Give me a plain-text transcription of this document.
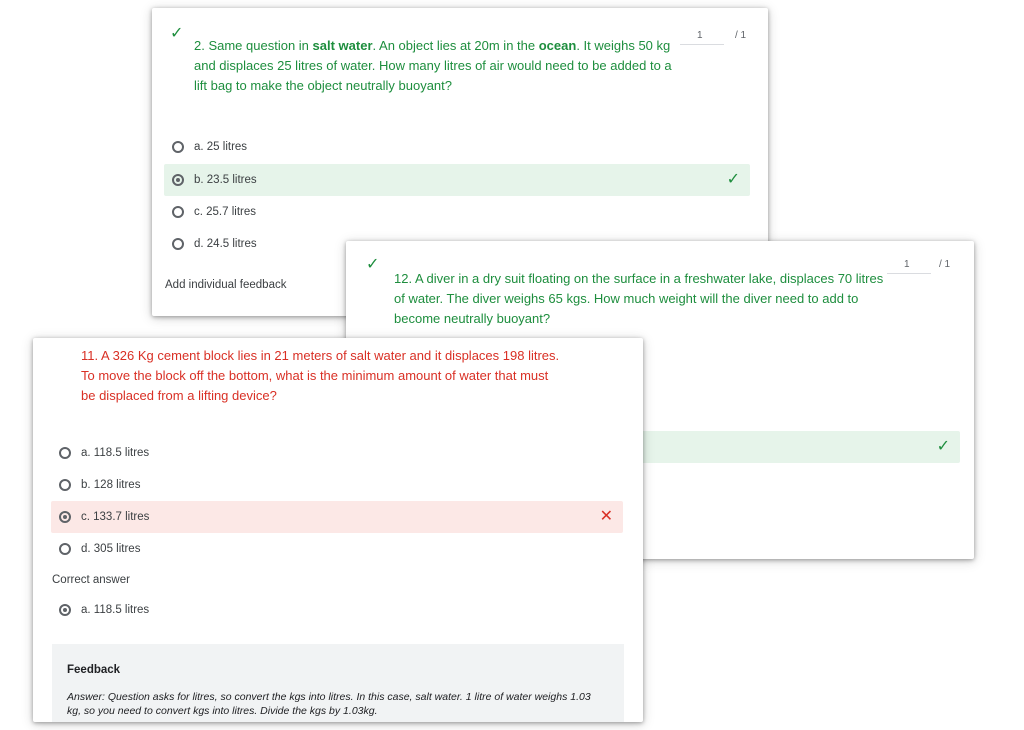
✓	1	/ 1
2. Same question in salt water. An object lies at 20m in the ocean. It weighs 50 kg and displaces 25 litres of water. How many litres of air would need to be added to a lift bag to make the object neutrally buoyant?
a. 25 litres
b. 23.5 litres	✓
c. 25.7 litres
d. 24.5 litres
Add individual feedback
✓	1	/ 1
12. A diver in a dry suit floating on the surface in a freshwater lake, displaces 70 litres of water. The diver weighs 65 kgs. How much weight will the diver need to add to become neutrally buoyant?
✓
11. A 326 Kg cement block lies in 21 meters of salt water and it displaces 198 litres. To move the block off the bottom, what is the minimum amount of water that must be displaced from a lifting device?
a. 118.5 litres
b. 128 litres
c. 133.7 litres	✕
d. 305 litres
Correct answer
a. 118.5 litres
Feedback
Answer: Question asks for litres, so convert the kgs into litres. In this case, salt water. 1 litre of water weighs 1.03 kg, so you need to convert kgs into litres. Divide the kgs by 1.03kg.
